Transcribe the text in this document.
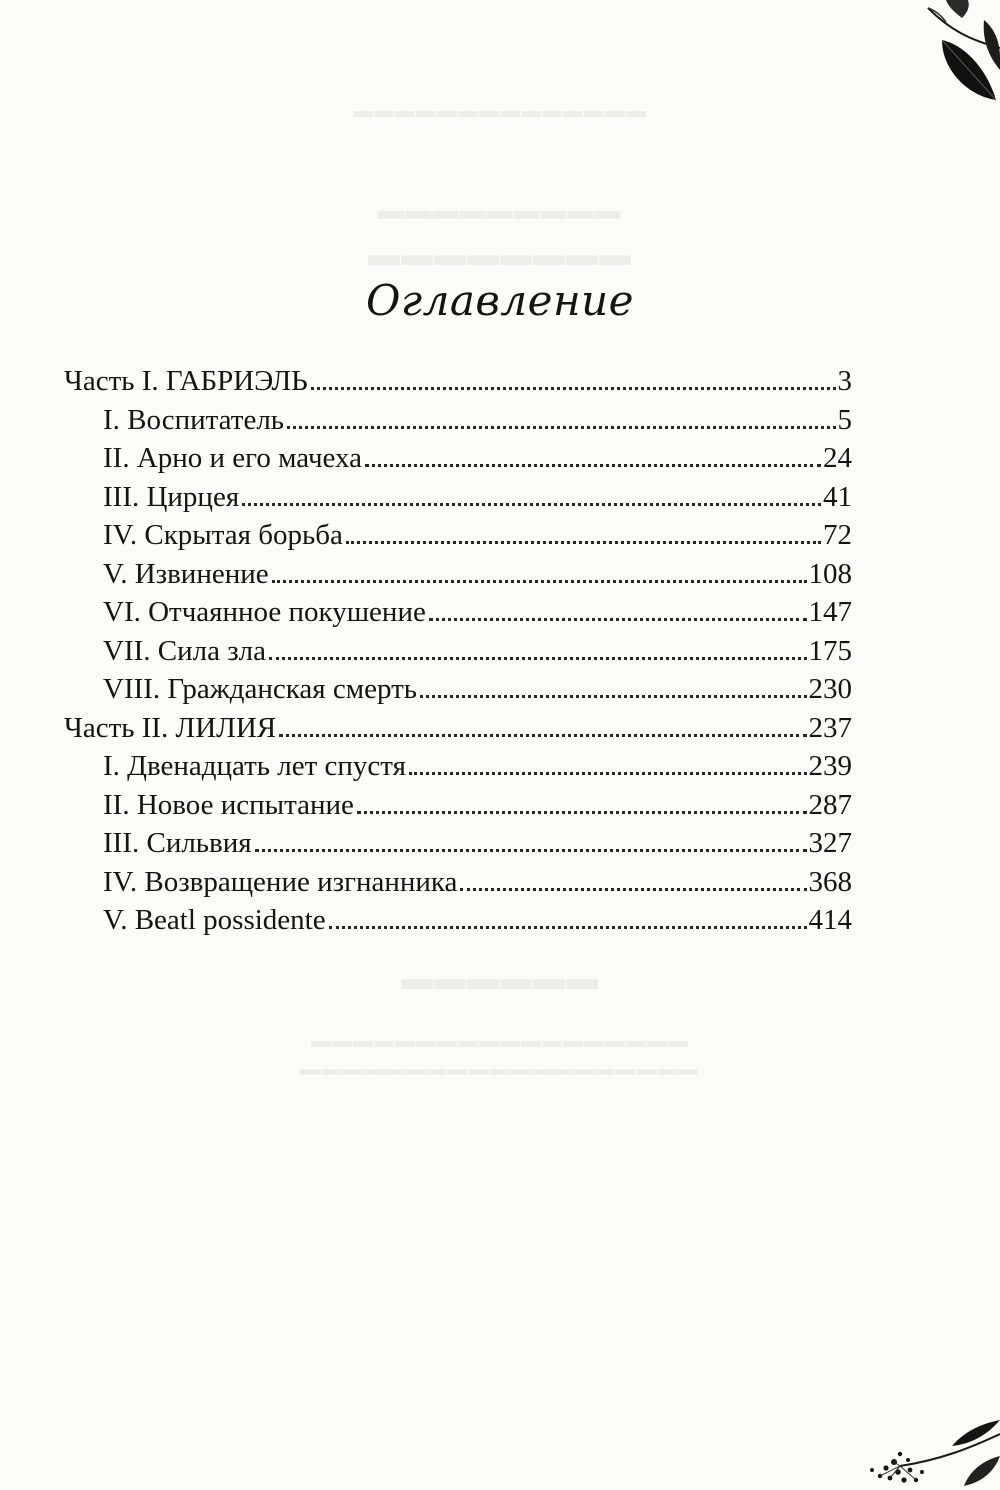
▬▬▬▬▬▬▬▬▬▬▬▬▬▬
▬▬▬▬▬▬▬▬▬
▬▬▬▬▬▬▬▬
▬▬▬▬▬▬
▬▬▬▬▬▬▬▬▬▬▬▬▬▬▬▬▬▬
▬▬▬▬▬▬▬▬▬▬▬▬▬▬▬▬▬▬▬
Оглавление
Часть I. ГАБРИЭЛЬ	3
I. Воспитатель	5
II. Арно и его мачеха	24
III. Цирцея	41
IV. Скрытая борьба	72
V. Извинение	108
VI. Отчаянное покушение	147
VII. Сила зла	175
VIII. Гражданская смерть	230
Часть II. ЛИЛИЯ	237
I. Двенадцать лет спустя	239
II. Новое испытание	287
III. Сильвия	327
IV. Возвращение изгнанника	368
V. Beatl possidente	414
